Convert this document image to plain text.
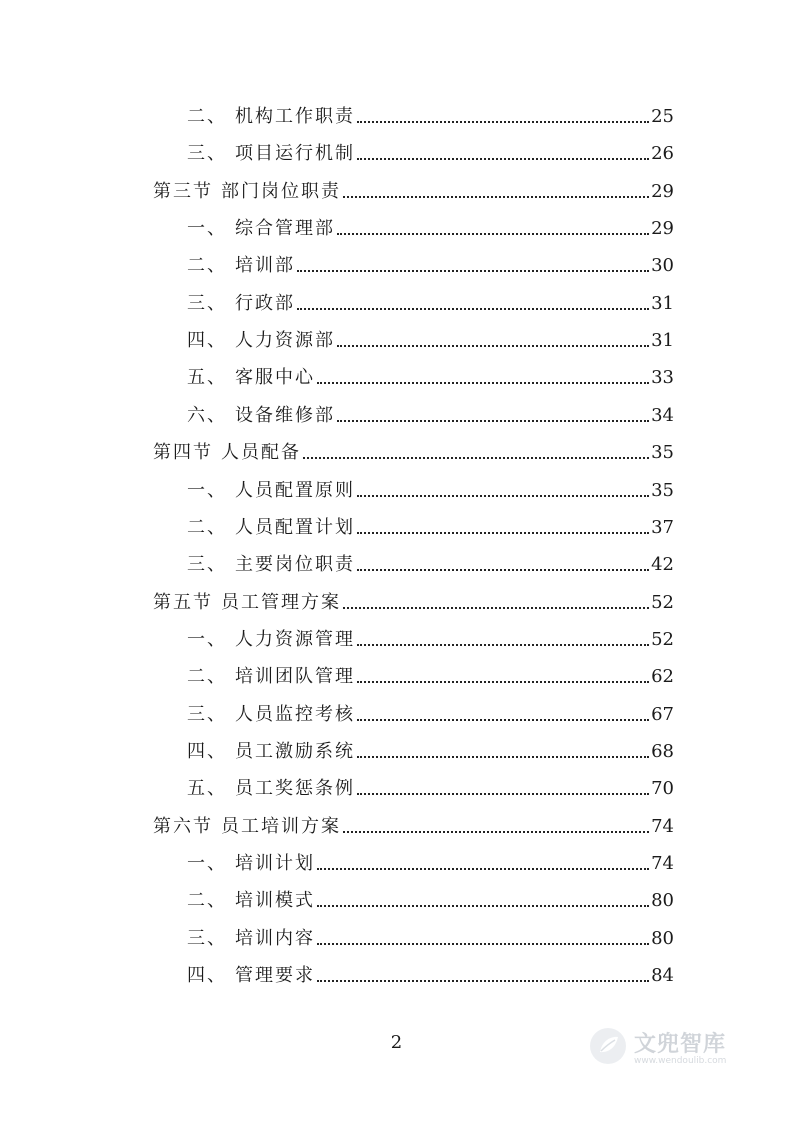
二、 机构工作职责	25
三、 项目运行机制	26
第三节 部门岗位职责	29
一、 综合管理部	29
二、 培训部	30
三、 行政部	31
四、 人力资源部	31
五、 客服中心	33
六、 设备维修部	34
第四节 人员配备	35
一、 人员配置原则	35
二、 人员配置计划	37
三、 主要岗位职责	42
第五节 员工管理方案	52
一、 人力资源管理	52
二、 培训团队管理	62
三、 人员监控考核	67
四、 员工激励系统	68
五、 员工奖惩条例	70
第六节 员工培训方案	74
一、 培训计划	74
二、 培训模式	80
三、 培训内容	80
四、 管理要求	84
2	文兜智库
www.wendoulib.com
